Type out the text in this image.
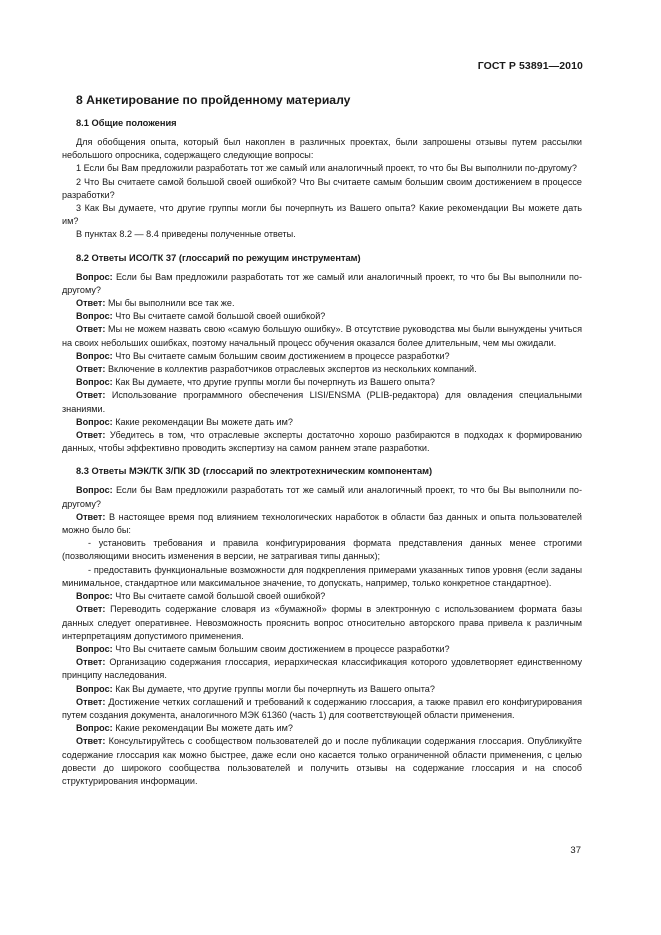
ГОСТ Р 53891—2010
8 Анкетирование по пройденному материалу
8.1 Общие положения

Для обобщения опыта, который был накоплен в различных проектах, были запрошены отзывы путем рассылки небольшого опросника, содержащего следующие вопросы:

1 Если бы Вам предложили разработать тот же самый или аналогичный проект, то что бы Вы выполнили по-другому?

2 Что Вы считаете самой большой своей ошибкой? Что Вы считаете самым большим своим достижением в процессе разработки?

3 Как Вы думаете, что другие группы могли бы почерпнуть из Вашего опыта? Какие рекомендации Вы можете дать им?

В пунктах 8.2 — 8.4 приведены полученные ответы.

8.2 Ответы ИСО/ТК 37 (глоссарий по режущим инструментам)

Вопрос: Если бы Вам предложили разработать тот же самый или аналогичный проект, то что бы Вы выполнили по-другому?

Ответ: Мы бы выполнили все так же.

Вопрос: Что Вы считаете самой большой своей ошибкой?

Ответ: Мы не можем назвать свою «самую большую ошибку». В отсутствие руководства мы были вынуждены учиться на своих небольших ошибках, поэтому начальный процесс обучения оказался более длительным, чем мы ожидали.

Вопрос: Что Вы считаете самым большим своим достижением в процессе разработки?

Ответ: Включение в коллектив разработчиков отраслевых экспертов из нескольких компаний.

Вопрос: Как Вы думаете, что другие группы могли бы почерпнуть из Вашего опыта?

Ответ: Использование программного обеспечения LISI/ENSMA (PLIB-редактора) для овладения специальными знаниями.

Вопрос: Какие рекомендации Вы можете дать им?

Ответ: Убедитесь в том, что отраслевые эксперты достаточно хорошо разбираются в подходах к формированию данных, чтобы эффективно проводить экспертизу на самом раннем этапе разработки.

8.3 Ответы МЭК/ТК 3/ПК 3D (глоссарий по электротехническим компонентам)

Вопрос: Если бы Вам предложили разработать тот же самый или аналогичный проект, то что бы Вы выполнили по-другому?

Ответ: В настоящее время под влиянием технологических наработок в области баз данных и опыта пользователей можно было бы:

- установить требования и правила конфигурирования формата представления данных менее строгими (позволяющими вносить изменения в версии, не затрагивая типы данных);

- предоставить функциональные возможности для подкрепления примерами указанных типов уровня (если заданы минимальное, стандартное или максимальное значение, то допускать, например, только конкретное стандартное).

Вопрос: Что Вы считаете самой большой своей ошибкой?

Ответ: Переводить содержание словаря из «бумажной» формы в электронную с использованием формата базы данных следует оперативнее. Невозможность прояснить вопрос относительно авторского права привела к различным интерпретациям допустимого применения.

Вопрос: Что Вы считаете самым большим своим достижением в процессе разработки?

Ответ: Организацию содержания глоссария, иерархическая классификация которого удовлетворяет единственному принципу наследования.

Вопрос: Как Вы думаете, что другие группы могли бы почерпнуть из Вашего опыта?

Ответ: Достижение четких соглашений и требований к содержанию глоссария, а также правил его конфигурирования путем создания документа, аналогичного МЭК 61360 (часть 1) для соответствующей области применения.

Вопрос: Какие рекомендации Вы можете дать им?

Ответ: Консультируйтесь с сообществом пользователей до и после публикации содержания глоссария. Опубликуйте содержание глоссария как можно быстрее, даже если оно касается только ограниченной области применения, с целью довести до широкого сообщества пользователей и получить отзывы на содержание глоссария и на способ структурирования информации.

37
